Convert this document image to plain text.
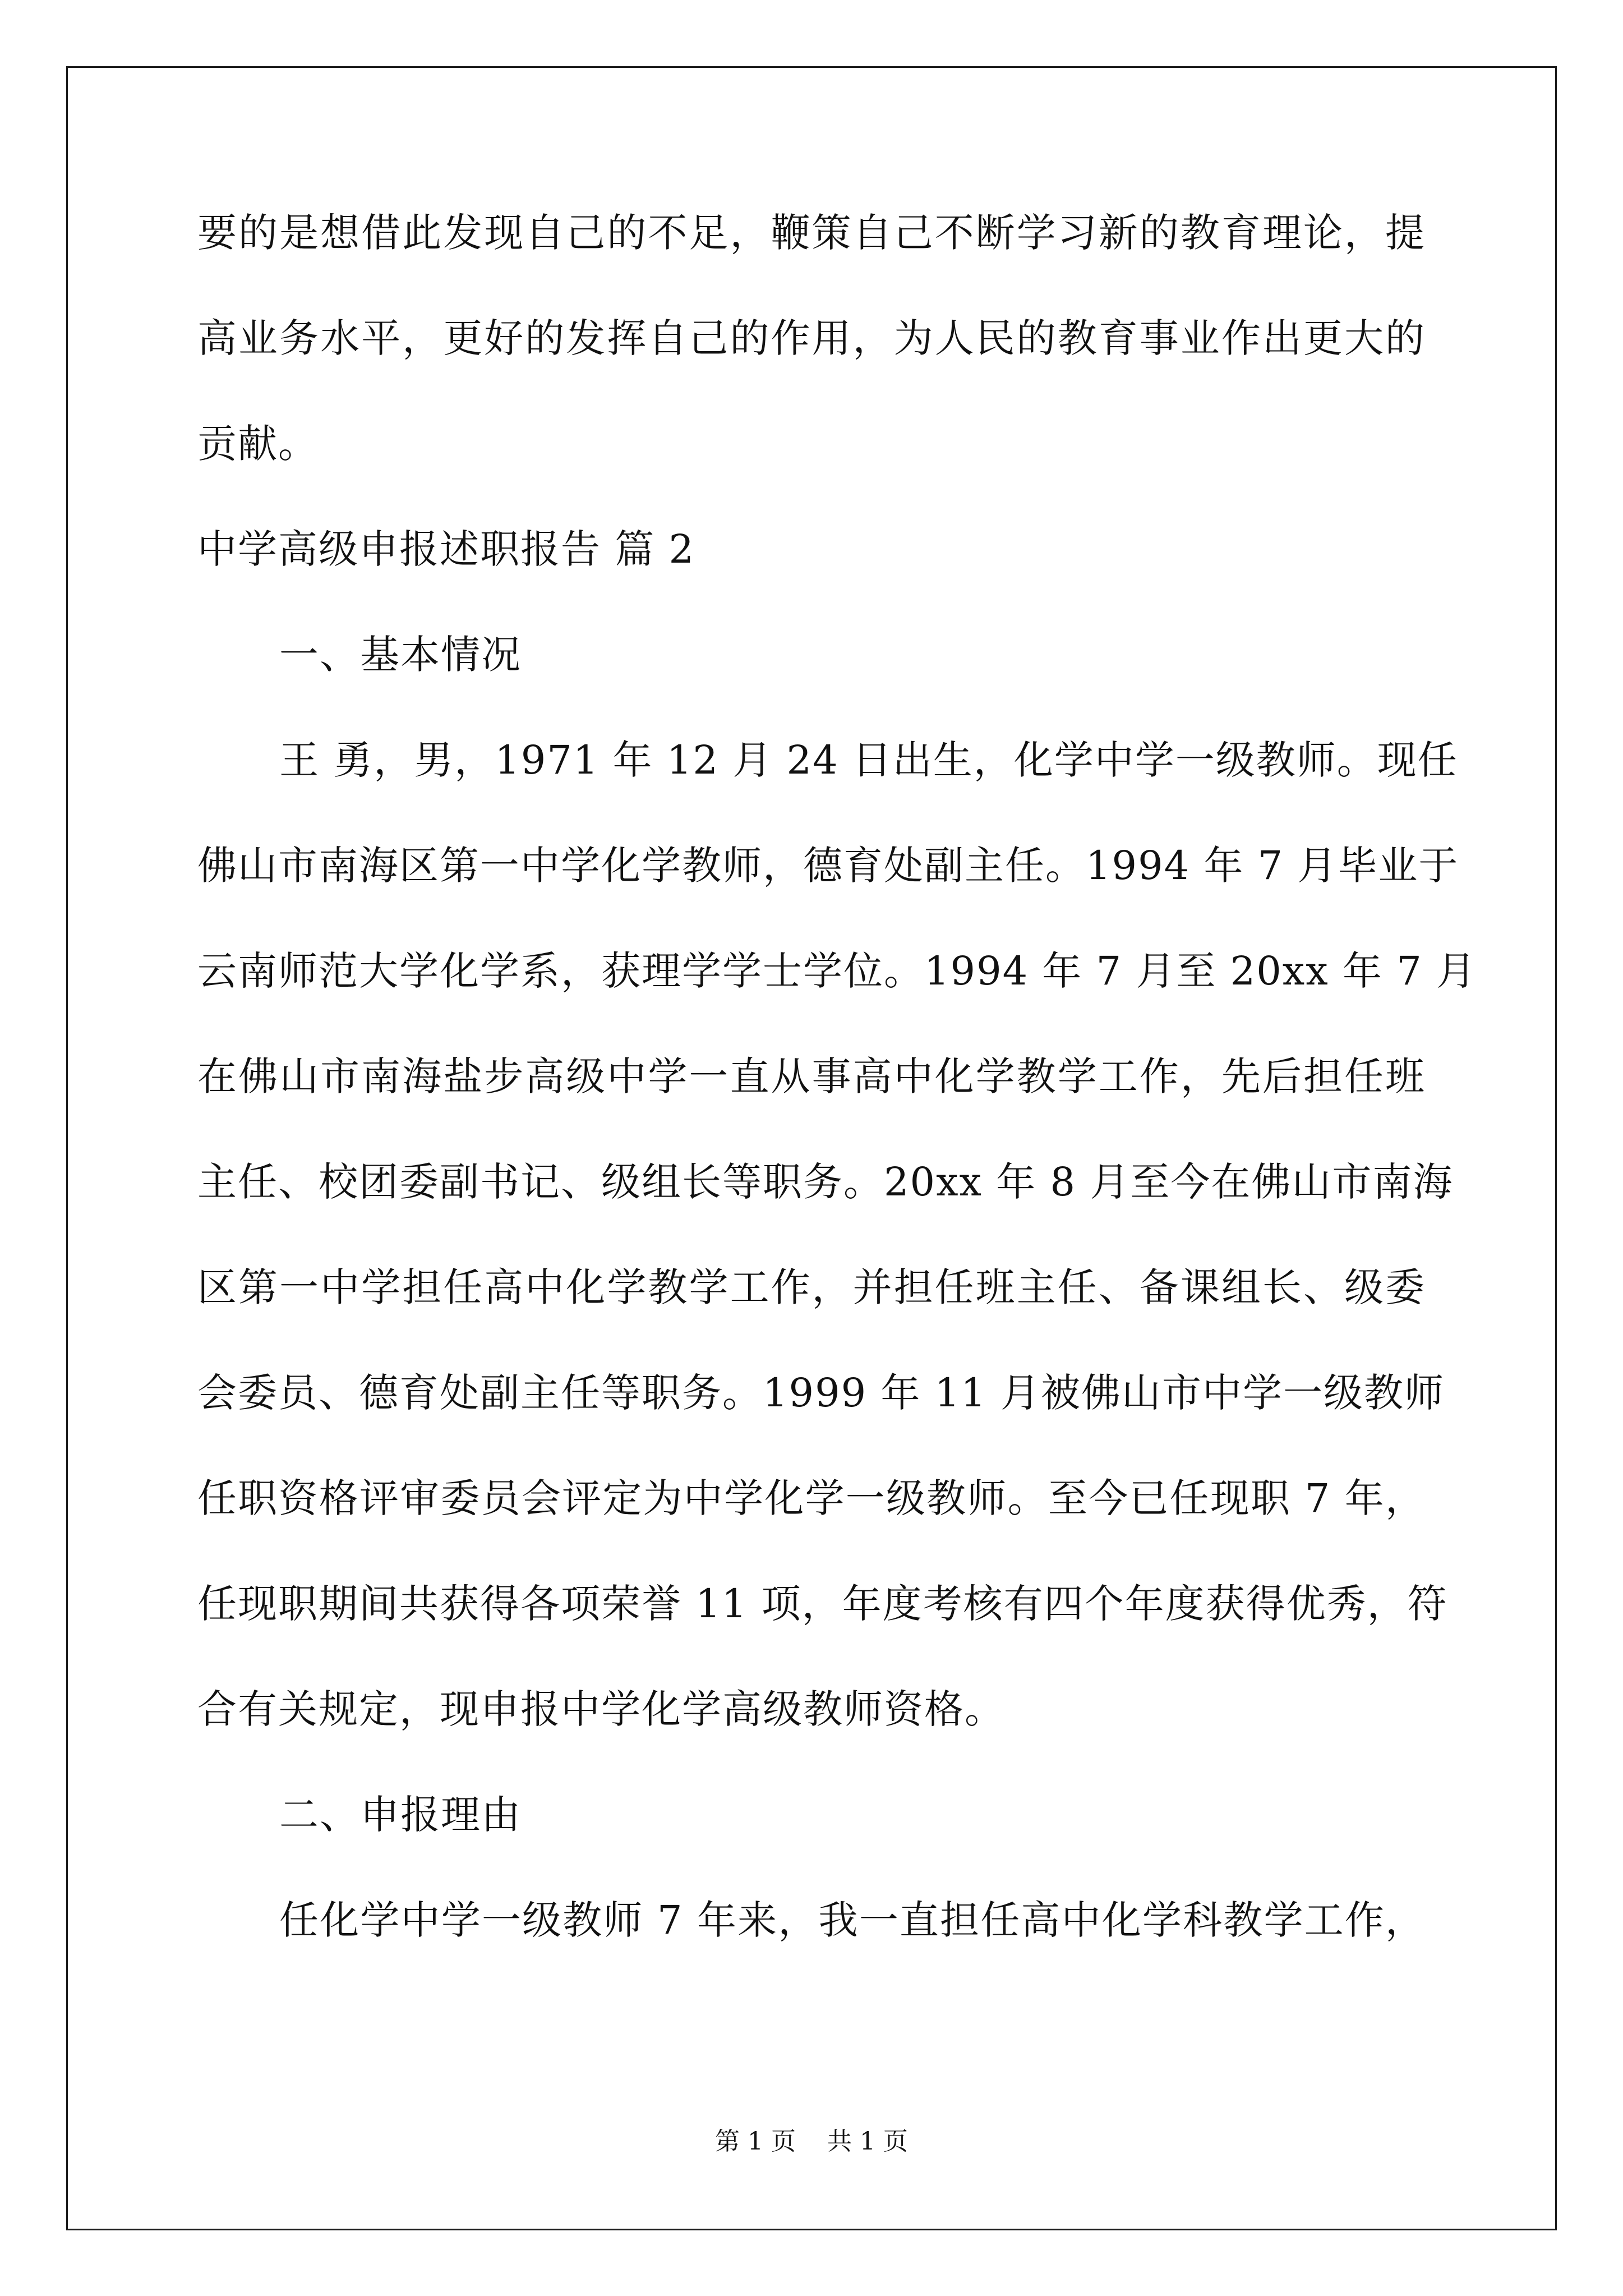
要的是想借此发现自己的不足，鞭策自己不断学习新的教育理论，提
高业务水平，更好的发挥自己的作用，为人民的教育事业作出更大的
贡献。
中学高级申报述职报告 篇 2
一、基本情况
王 勇，男，1971 年 12 月 24 日出生，化学中学一级教师。现任
佛山市南海区第一中学化学教师，德育处副主任。1994 年 7 月毕业于
云南师范大学化学系，获理学学士学位。1994 年 7 月至 20xx 年 7 月
在佛山市南海盐步高级中学一直从事高中化学教学工作，先后担任班
主任、校团委副书记、级组长等职务。20xx 年 8 月至今在佛山市南海
区第一中学担任高中化学教学工作，并担任班主任、备课组长、级委
会委员、德育处副主任等职务。1999 年 11 月被佛山市中学一级教师
任职资格评审委员会评定为中学化学一级教师。至今已任现职 7 年，
任现职期间共获得各项荣誉 11 项，年度考核有四个年度获得优秀，符
合有关规定，现申报中学化学高级教师资格。
二、申报理由
任化学中学一级教师 7 年来，我一直担任高中化学科教学工作，
第 1 页    共 1 页
